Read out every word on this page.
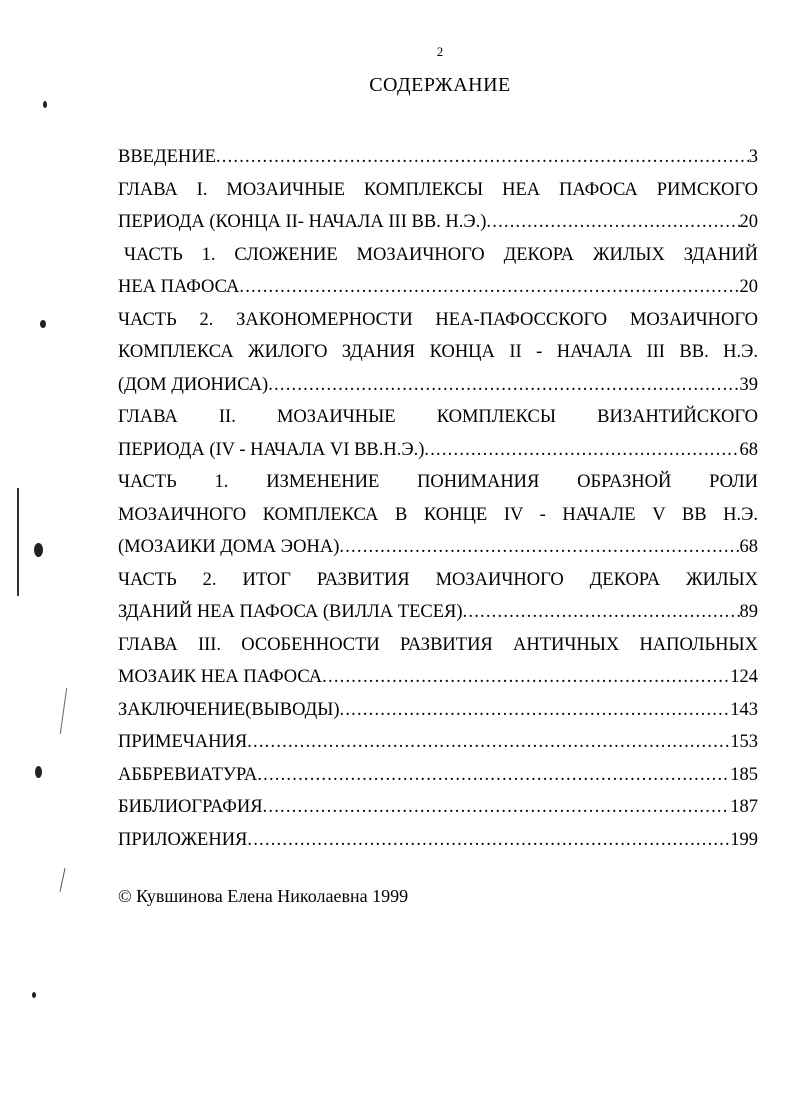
2
СОДЕРЖАНИЕ
ВВЕДЕНИЕ .....	3
ГЛАВА I. МОЗАИЧНЫЕ КОМПЛЕКСЫ НЕА ПАФОСА РИМСКОГО
ПЕРИОДА (КОНЦА II- НАЧАЛА III ВВ. Н.Э.) .....	20
ЧАСТЬ 1. СЛОЖЕНИЕ МОЗАИЧНОГО ДЕКОРА ЖИЛЫХ ЗДАНИЙ
НЕА ПАФОСА .....	20
ЧАСТЬ 2. ЗАКОНОМЕРНОСТИ НЕА-ПАФОССКОГО МОЗАИЧНОГО
КОМПЛЕКСА ЖИЛОГО ЗДАНИЯ КОНЦА II - НАЧАЛА III ВВ. Н.Э.
(ДОМ ДИОНИСА) .....	39
ГЛАВА II. МОЗАИЧНЫЕ КОМПЛЕКСЫ ВИЗАНТИЙСКОГО
ПЕРИОДА (IV - НАЧАЛА VI ВВ.Н.Э.) .....	68
ЧАСТЬ 1. ИЗМЕНЕНИЕ ПОНИМАНИЯ ОБРАЗНОЙ РОЛИ
МОЗАИЧНОГО КОМПЛЕКСА В КОНЦЕ IV - НАЧАЛЕ V ВВ Н.Э.
(МОЗАИКИ ДОМА ЭОНА) .....	68
ЧАСТЬ 2. ИТОГ РАЗВИТИЯ МОЗАИЧНОГО ДЕКОРА ЖИЛЫХ
ЗДАНИЙ НЕА ПАФОСА (ВИЛЛА ТЕСЕЯ) .....	89
ГЛАВА III. ОСОБЕННОСТИ РАЗВИТИЯ АНТИЧНЫХ НАПОЛЬНЫХ
МОЗАИК НЕА ПАФОСА .....	124
ЗАКЛЮЧЕНИЕ(ВЫВОДЫ) .....	143
ПРИМЕЧАНИЯ .....	153
АББРЕВИАТУРА .....	185
БИБЛИОГРАФИЯ .....	187
ПРИЛОЖЕНИЯ .....	199
© Кувшинова Елена Николаевна 1999
